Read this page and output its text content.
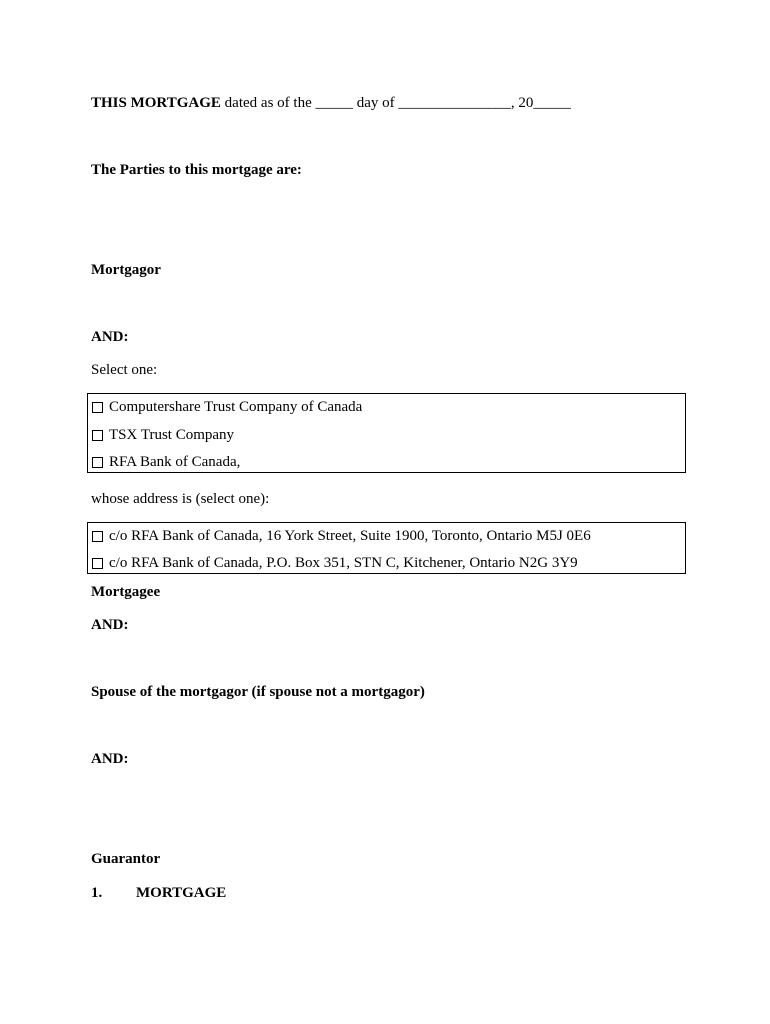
THIS MORTGAGE dated as of the _____ day of _______________, 20_____
The Parties to this mortgage are:
Mortgagor
AND:
Select one:
Computershare Trust Company of Canada
TSX Trust Company
RFA Bank of Canada,
whose address is (select one):
c/o RFA Bank of Canada, 16 York Street, Suite 1900, Toronto, Ontario M5J 0E6
c/o RFA Bank of Canada, P.O. Box 351, STN C, Kitchener, Ontario N2G 3Y9
Mortgagee
AND:
Spouse of the mortgagor (if spouse not a mortgagor)
AND:
Guarantor
1. MORTGAGE
